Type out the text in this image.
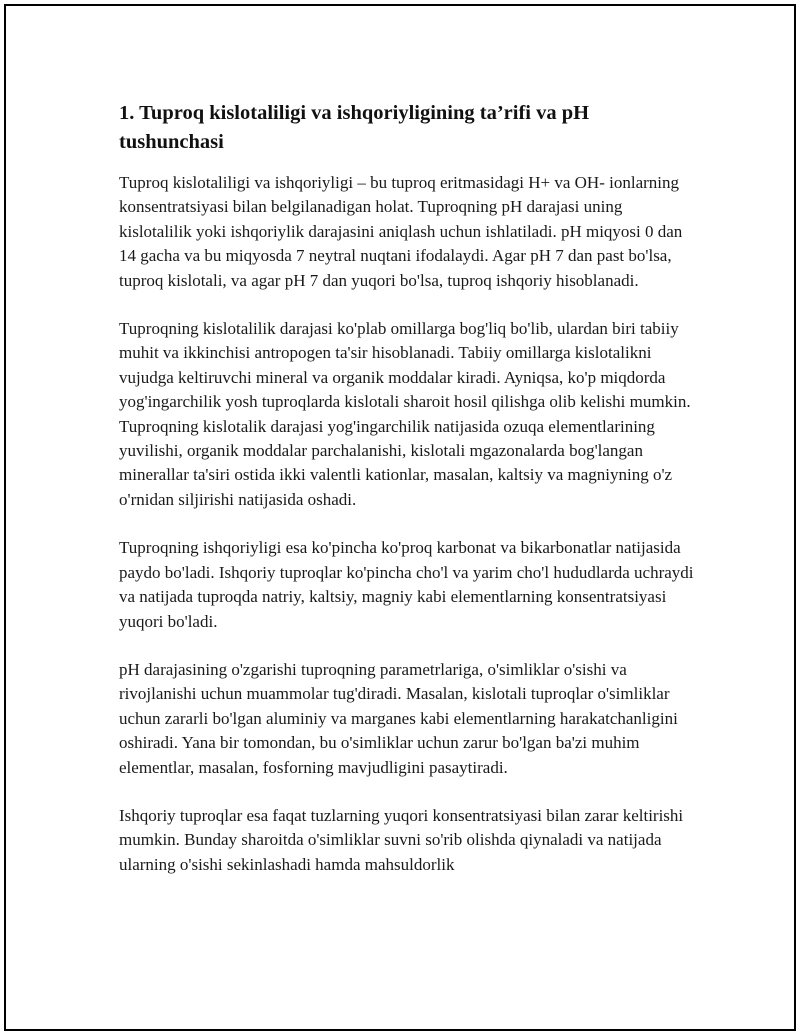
1. Tuproq kislotaliligi va ishqoriyligining ta’rifi va pH tushunchasi

Tuproq kislotaliligi va ishqoriyligi – bu tuproq eritmasidagi H+ va OH- ionlarning konsentratsiyasi bilan belgilanadigan holat. Tuproqning pH darajasi uning kislotalilik yoki ishqoriylik darajasini aniqlash uchun ishlatiladi. pH miqyosi 0 dan 14 gacha va bu miqyosda 7 neytral nuqtani ifodalaydi. Agar pH 7 dan past bo'lsa, tuproq kislotali, va agar pH 7 dan yuqori bo'lsa, tuproq ishqoriy hisoblanadi.

Tuproqning kislotalilik darajasi ko'plab omillarga bog'liq bo'lib, ulardan biri tabiiy muhit va ikkinchisi antropogen ta'sir hisoblanadi. Tabiiy omillarga kislotalikni vujudga keltiruvchi mineral va organik moddalar kiradi. Ayniqsa, ko'p miqdorda yog'ingarchilik yosh tuproqlarda kislotali sharoit hosil qilishga olib kelishi mumkin. Tuproqning kislotalik darajasi yog'ingarchilik natijasida ozuqa elementlarining yuvilishi, organik moddalar parchalanishi, kislotali mgazonalarda bog'langan minerallar ta'siri ostida ikki valentli kationlar, masalan, kaltsiy va magniyning o'z o'rnidan siljirishi natijasida oshadi.

Tuproqning ishqoriyligi esa ko'pincha ko'proq karbonat va bikarbonatlar natijasida paydo bo'ladi. Ishqoriy tuproqlar ko'pincha cho'l va yarim cho'l hududlarda uchraydi va natijada tuproqda natriy, kaltsiy, magniy kabi elementlarning konsentratsiyasi yuqori bo'ladi.

pH darajasining o'zgarishi tuproqning parametrlariga, o'simliklar o'sishi va rivojlanishi uchun muammolar tug'diradi. Masalan, kislotali tuproqlar o'simliklar uchun zararli bo'lgan aluminiy va marganes kabi elementlarning harakatchanligini oshiradi. Yana bir tomondan, bu o'simliklar uchun zarur bo'lgan ba'zi muhim elementlar, masalan, fosforning mavjudligini pasaytiradi.

Ishqoriy tuproqlar esa faqat tuzlarning yuqori konsentratsiyasi bilan zarar keltirishi mumkin. Bunday sharoitda o'simliklar suvni so'rib olishda qiynaladi va natijada ularning o'sishi sekinlashadi hamda mahsuldorlik
